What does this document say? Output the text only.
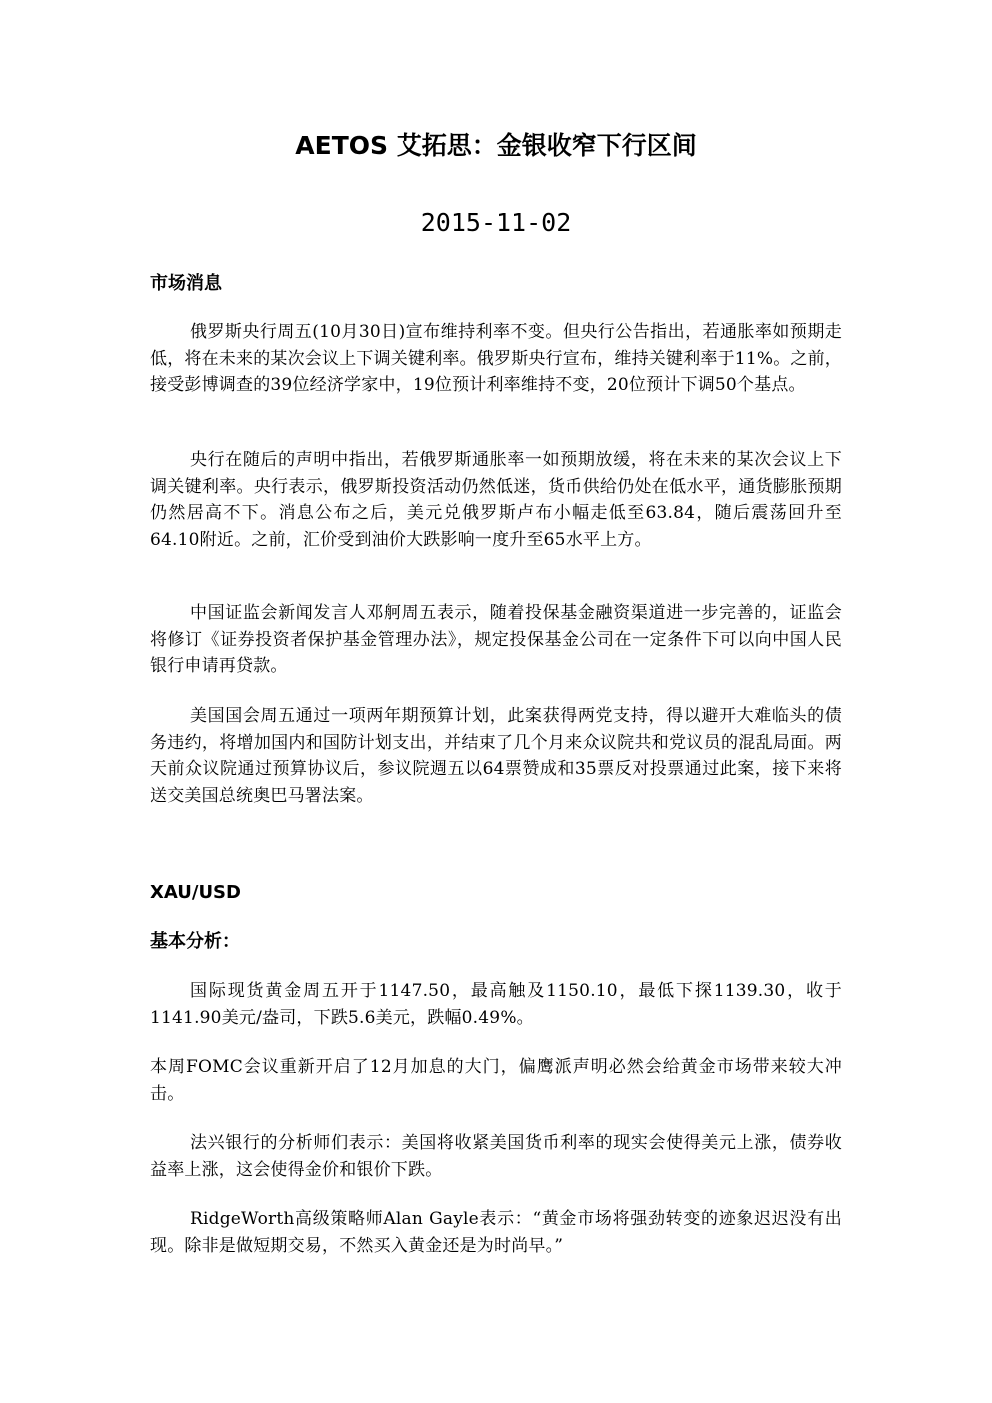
AETOS 艾拓思：金银收窄下行区间
2015-11-02
市场消息

俄罗斯央行周五(10月30日)宣布维持利率不变。但央行公告指出，若通胀率如预期走低，将在未来的某次会议上下调关键利率。俄罗斯央行宣布，维持关键利率于11%。之前，接受彭博调查的39位经济学家中，19位预计利率维持不变，20位预计下调50个基点。

央行在随后的声明中指出，若俄罗斯通胀率一如预期放缓，将在未来的某次会议上下调关键利率。央行表示，俄罗斯投资活动仍然低迷，货币供给仍处在低水平，通货膨胀预期仍然居高不下。消息公布之后，美元兑俄罗斯卢布小幅走低至63.84，随后震荡回升至64.10附近。之前，汇价受到油价大跌影响一度升至65水平上方。

中国证监会新闻发言人邓舸周五表示，随着投保基金融资渠道进一步完善的，证监会将修订《证券投资者保护基金管理办法》，规定投保基金公司在一定条件下可以向中国人民银行申请再贷款。

美国国会周五通过一项两年期预算计划，此案获得两党支持，得以避开大难临头的债务违约，将增加国内和国防计划支出，并结束了几个月来众议院共和党议员的混乱局面。两天前众议院通过预算协议后，参议院週五以64票赞成和35票反对投票通过此案，接下来将送交美国总统奥巴马署法案。

XAU/USD
基本分析：

国际现货黄金周五开于1147.50，最高触及1150.10，最低下探1139.30，收于1141.90美元/盎司，下跌5.6美元，跌幅0.49%。

本周FOMC会议重新开启了12月加息的大门，偏鹰派声明必然会给黄金市场带来较大冲击。

法兴银行的分析师们表示：美国将收紧美国货币利率的现实会使得美元上涨，债券收益率上涨，这会使得金价和银价下跌。

RidgeWorth高级策略师Alan Gayle表示：“黄金市场将强劲转变的迹象迟迟没有出现。除非是做短期交易，不然买入黄金还是为时尚早。”
